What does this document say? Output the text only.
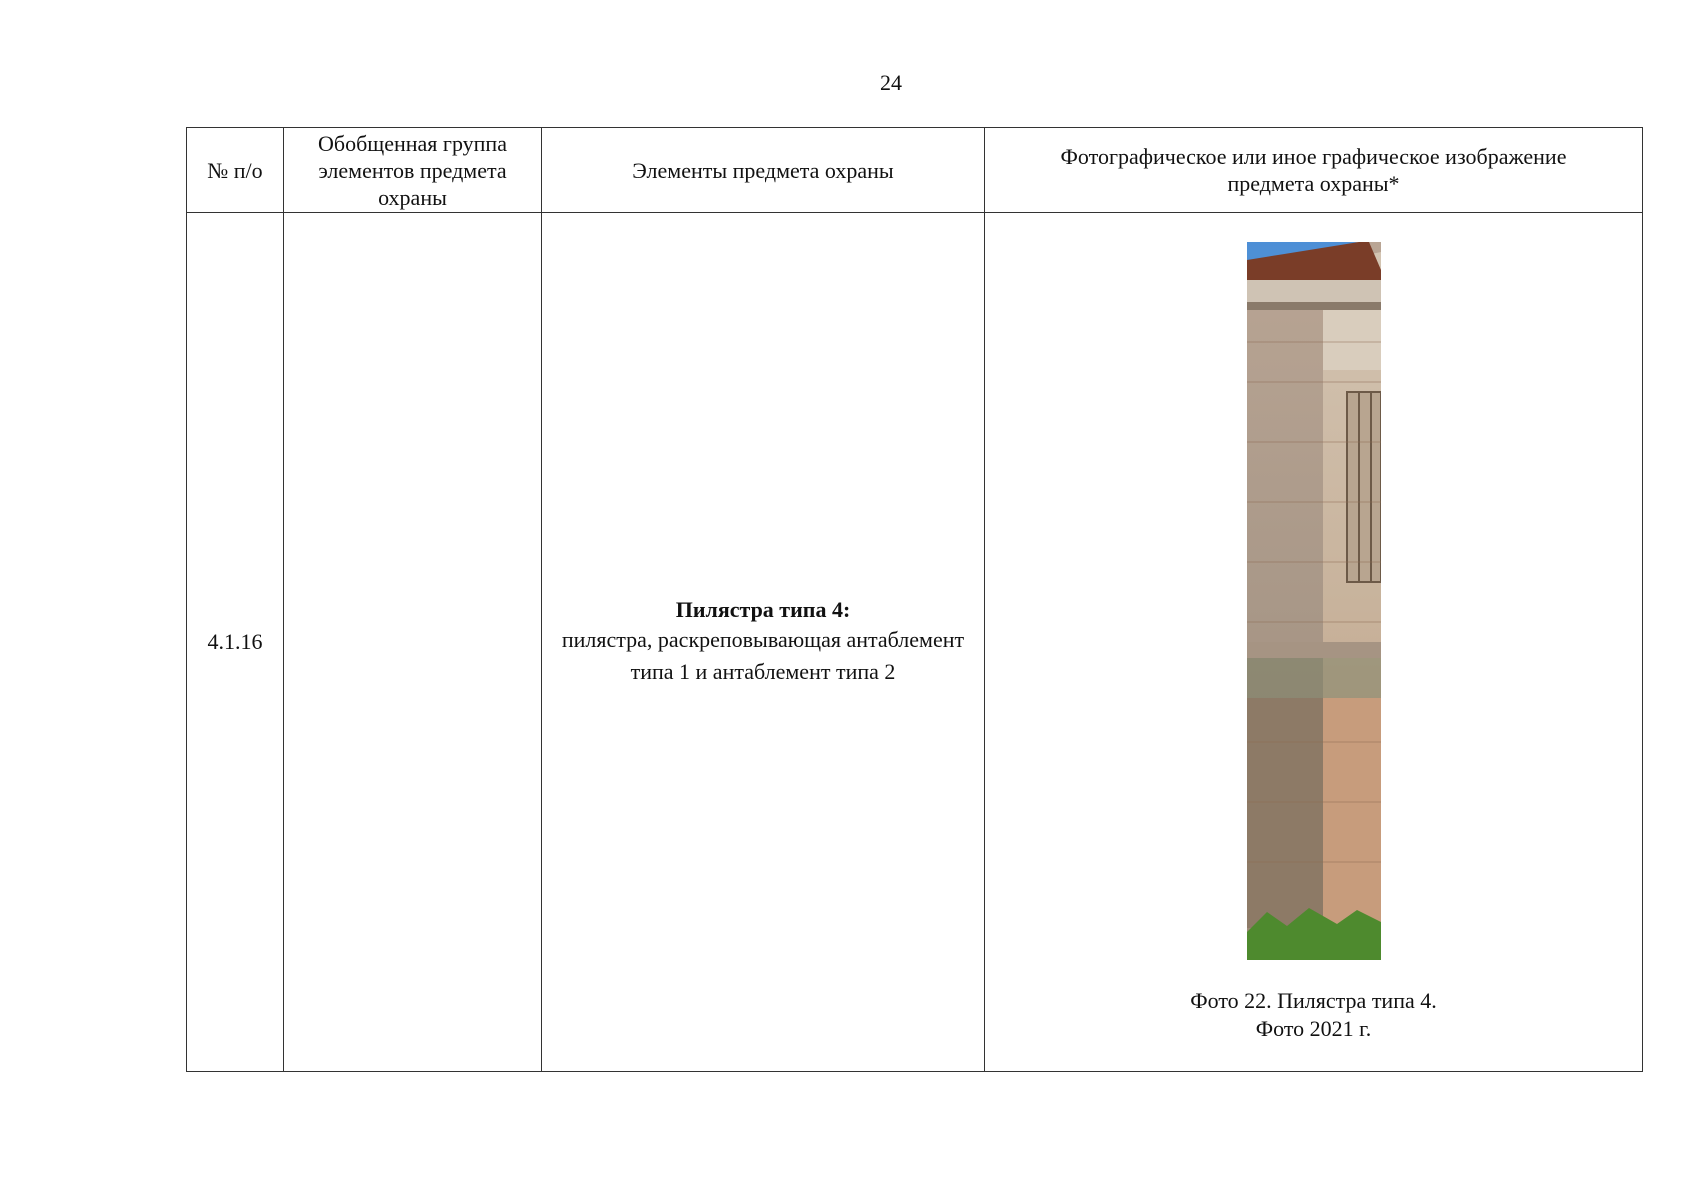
24
№ п/о	Обобщенная группа элементов предмета охраны	Элементы предмета охраны	Фотографическое или иное графическое изображение предмета охраны*
4.1.16		Пилястра типа 4:
пилястра, раскреповывающая антаблемент типа 1 и антаблемент типа 2	Фото 22. Пилястра типа 4.
Фото 2021 г.
